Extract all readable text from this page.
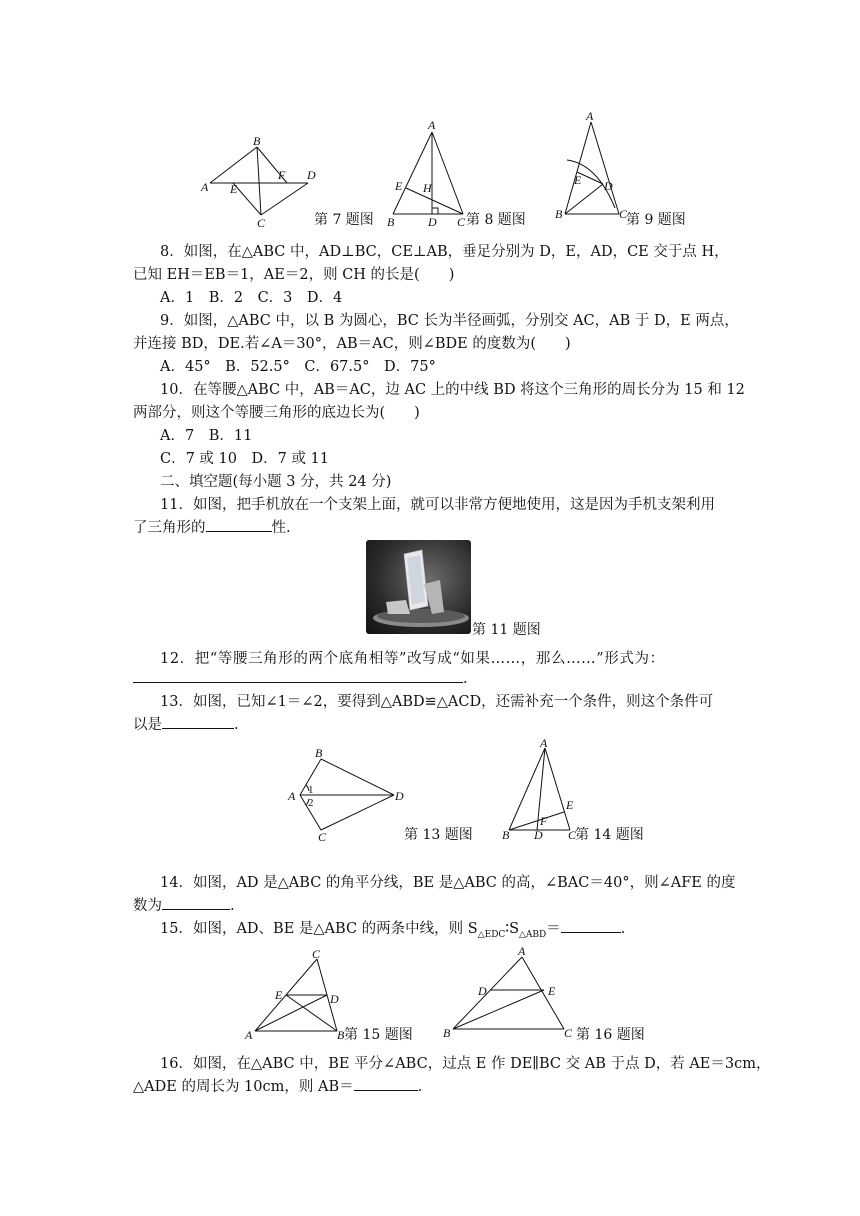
A
B
C
D
E
F
第 7 题图
A
B	C
D
E H
第 8 题图
A
B	C
D
E
第 9 题图
8．如图，在△ABC 中，AD⊥BC，CE⊥AB，垂足分别为 D，E，AD，CE 交于点 H，
已知 EH＝EB＝1，AE＝2，则 CH 的长是(　　)
A．1　B．2　C．3　D．4
9．如图，△ABC 中，以 B 为圆心，BC 长为半径画弧，分别交 AC，AB 于 D，E 两点，
并连接 BD，DE.若∠A＝30°，AB＝AC，则∠BDE 的度数为(　　)
A．45°　B．52.5°　C．67.5°　D．75°
10．在等腰△ABC 中，AB＝AC，边 AC 上的中线 BD 将这个三角形的周长分为 15 和 12
两部分，则这个等腰三角形的底边长为(　　)
A．7　B．11
C．7 或 10　D．7 或 11
二、填空题(每小题 3 分，共 24 分)
11．如图，把手机放在一个支架上面，就可以非常方便地使用，这是因为手机支架利用
了三角形的	性.
第 11 题图
12．把“等腰三角形的两个底角相等”改写成“如果……，那么……”形式为：
.
13．如图，已知∠1＝∠2，要得到△ABD≌△ACD，还需补充一个条件，则这个条件可
以是	.
B
A
C
D
1
2
第 13 题图
A
B	C
D
E
F
第 14 题图
14．如图，AD 是△ABC 的角平分线，BE 是△ABC 的高，∠BAC＝40°，则∠AFE 的度
数为	.
15．如图，AD、BE 是△ABC 的两条中线，则 $S_{\triangle EDC}∶S_{\triangle ABD}=$	.
C
A	B
D
E
第 15 题图
A
B	C
D	E
第 16 题图
16．如图，在△ABC 中，BE 平分∠ABC，过点 E 作 DE∥BC 交 AB 于点 D，若 AE＝3cm，
△ADE 的周长为 10cm，则 AB＝	.
